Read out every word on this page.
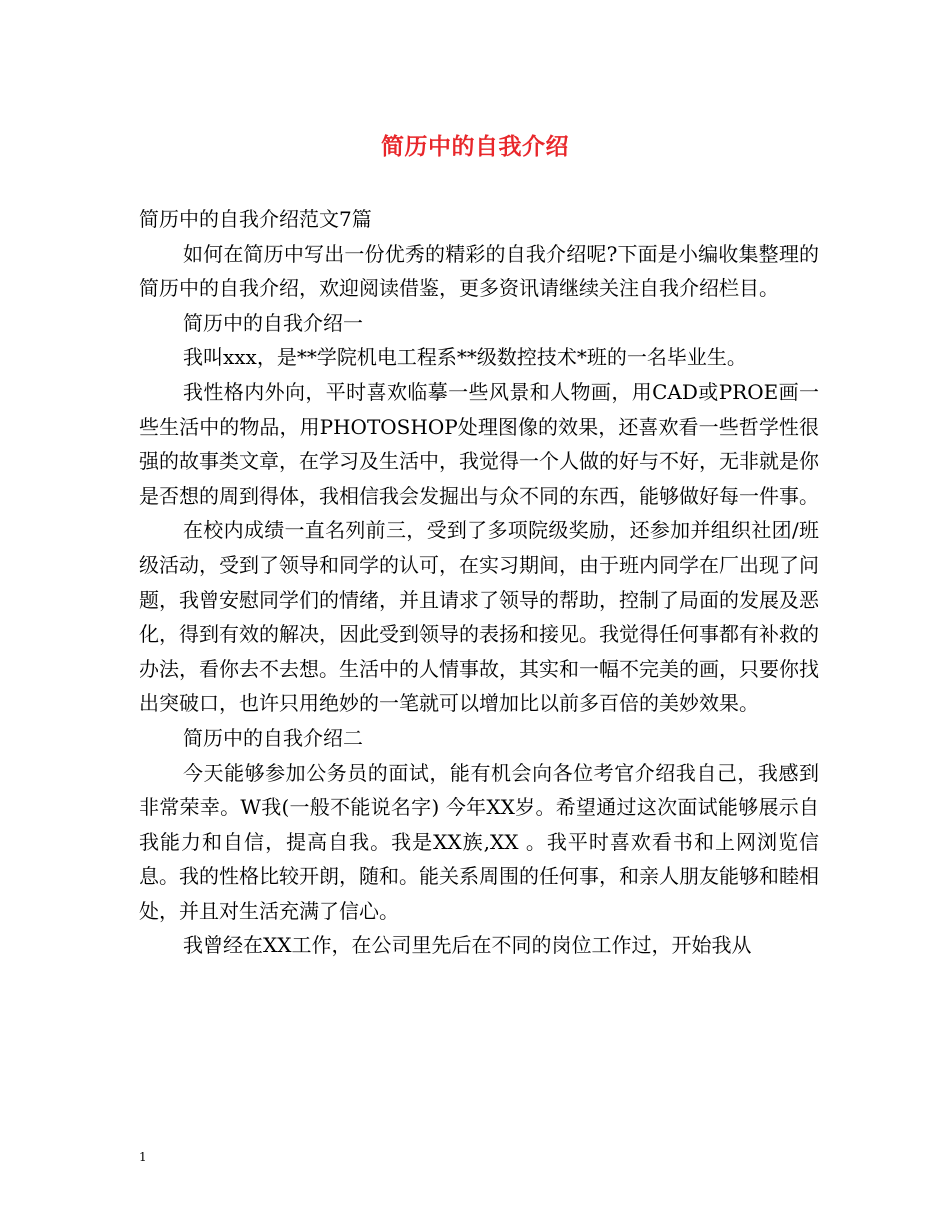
简历中的自我介绍

简历中的自我介绍范文7篇

如何在简历中写出一份优秀的精彩的自我介绍呢?下面是小编收集整理的简历中的自我介绍，欢迎阅读借鉴，更多资讯请继续关注自我介绍栏目。

简历中的自我介绍一

我叫xxx，是**学院机电工程系**级数控技术*班的一名毕业生。

我性格内外向，平时喜欢临摹一些风景和人物画，用CAD或PROE画一些生活中的物品，用PHOTOSHOP处理图像的效果，还喜欢看一些哲学性很强的故事类文章，在学习及生活中，我觉得一个人做的好与不好，无非就是你是否想的周到得体，我相信我会发掘出与众不同的东西，能够做好每一件事。

在校内成绩一直名列前三，受到了多项院级奖励，还参加并组织社团/班级活动，受到了领导和同学的认可，在实习期间，由于班内同学在厂出现了问题，我曾安慰同学们的情绪，并且请求了领导的帮助，控制了局面的发展及恶化，得到有效的解决，因此受到领导的表扬和接见。我觉得任何事都有补救的办法，看你去不去想。生活中的人情事故，其实和一幅不完美的画，只要你找出突破口，也许只用绝妙的一笔就可以增加比以前多百倍的美妙效果。

简历中的自我介绍二

今天能够参加公务员的面试，能有机会向各位考官介绍我自己，我感到非常荣幸。W我(一般不能说名字) 今年XX岁。希望通过这次面试能够展示自我能力和自信，提高自我。我是XX族,XX 。我平时喜欢看书和上网浏览信息。我的性格比较开朗，随和。能关系周围的任何事，和亲人朋友能够和睦相处，并且对生活充满了信心。

我曾经在XX工作，在公司里先后在不同的岗位工作过，开始我从

1
